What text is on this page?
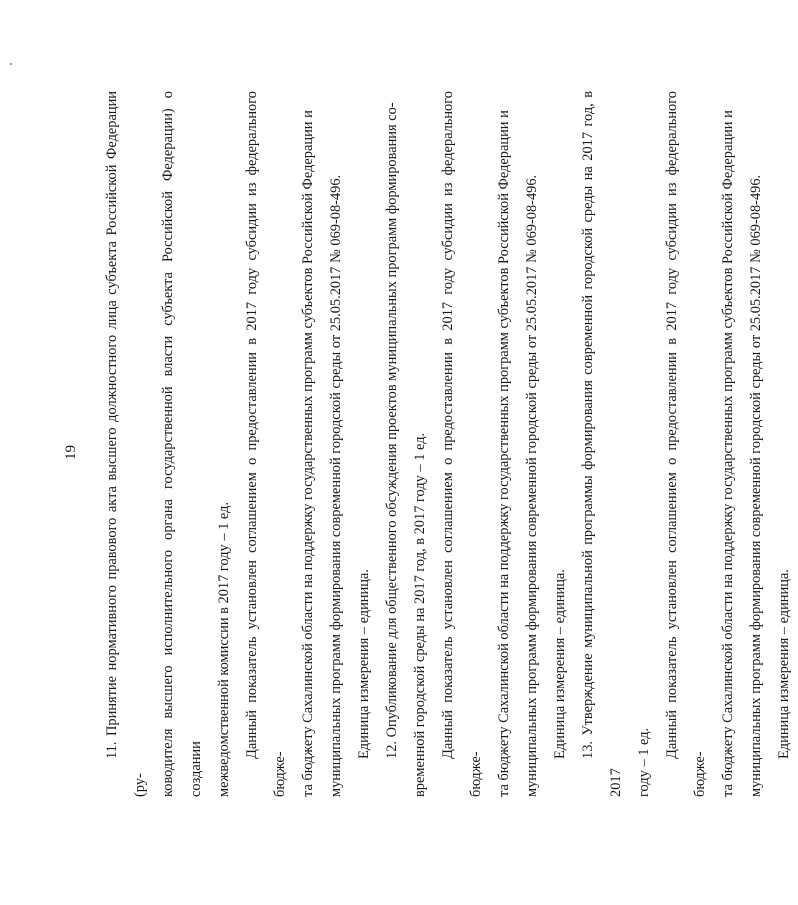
19

11. Принятие нормативного правового акта высшего должностного лица субъекта Российской Федерации (ру-
ководителя высшего исполнительного органа государственной власти субъекта Российской Федерации) о создании
межведомственной комиссии в 2017 году – 1 ед.

Данный показатель установлен соглашением о предоставлении в 2017 году субсидии из федерального бюдже-
та бюджету Сахалинской области на поддержку государственных программ субъектов Российской Федерации и
муниципальных программ формирования современной городской среды от 25.05.2017 № 069-08-496.

Единица измерения – единица. 12. Опубликование для общественного обсуждения проектов муниципальных программ формирования со-
временной городской среды на 2017 год, в 2017 году – 1 ед.

Данный показатель установлен соглашением о предоставлении в 2017 году субсидии из федерального бюдже-
та бюджету Сахалинской области на поддержку государственных программ субъектов Российской Федерации и
муниципальных программ формирования современной городской среды от 25.05.2017 № 069-08-496.

Единица измерения – единица. 13. Утверждение муниципальной программы формирования современной городской среды на 2017 год, в 2017
году – 1 ед. Данный показатель установлен соглашением о предоставлении в 2017 году субсидии из федерального бюдже-
та бюджету Сахалинской области на поддержку государственных программ субъектов Российской Федерации и
муниципальных программ формирования современной городской среды от 25.05.2017 № 069-08-496.

Единица измерения – единица.
